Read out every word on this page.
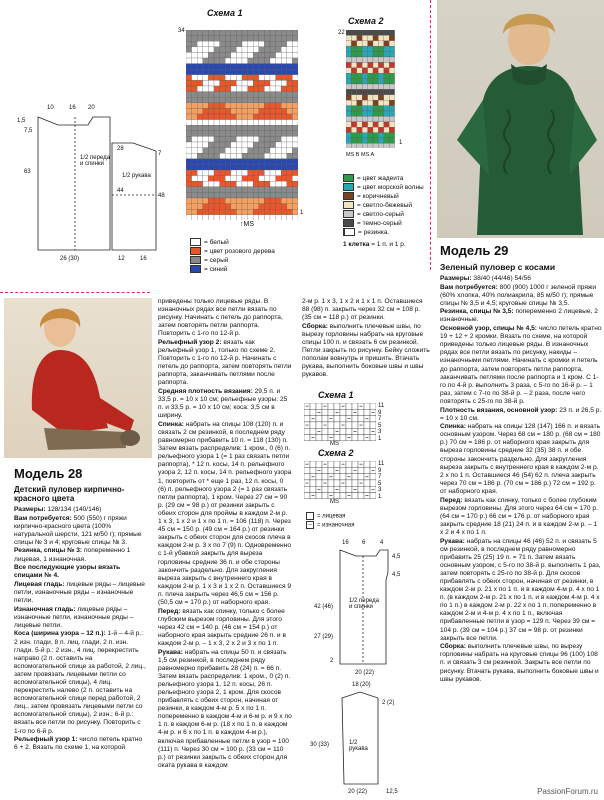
10	16 20
1,5
7,5
63
28
44
7
48
26 (30)	12	16
1/2 переда и спинки
1/2 рукава
Схема 1
34
1
↑MS
Схема 2
22
1
MS B MS A
= белый
= цвет розового дерева
= серый
= синий
= цвет жадеита
= цвет морской волны
= коричневый
= светло-бежевый
= светло-серый
= темно-серый
= резинка.
1 клетка = 1 п. и 1 р.	Модель 29
Зеленый пуловер с косами

Размеры: 38/40 (44/46) 54/56

Вам потребуется: 800 (900) 1000 г зеленой пряжи (60% хлопка, 40% полиакрила, 85 м/50 г); прямые спицы № 3,5 и 4,5; круговые спицы № 3,5.

Резинка, спицы № 3,5: попеременно 2 лицевые, 2 изнаночные.

Основной узор, спицы № 4,5: число петель кратно 19 + 12 + 2 кромки. Вязать по схеме, на которой приведены только лицевые ряды. В изнаночных рядах все петли вязать по рисунку, накиды – изнаночными петлями. Начинать с кромки и петель до раппорта, затем повторять петли раппорта, заканчивать петлями после раппорта и 1 кром. С 1-го по 4-й р. выполнить 3 раза, с 5-го по 16-й р. – 1 раз, затем с 7-го по 38-й р. – 2 раза, после чего повторять с 25-го по 38-й р.

Плотность вязания, основной узор: 23 п. и 26,5 р. = 10 х 10 см.

Спинка: набрать на спицы 128 (147) 166 п. и вязать основным узором. Через 68 см = 180 р. (68 см = 180 р.) 70 см = 186 р. от наборного края закрыть для выреза горловины средние 32 (35) 38 п. и обе стороны закончить раздельно. Для закругления выреза закрыть с внутреннего края в каждом 2-м р. 2 х по 1 п. Оставшиеся 46 (54) 62 п. плеча закрыть через 70 см = 186 р. (70 см = 186 р.) 72 см = 192 р. от наборного края.

Перед: вязать как спинку, только с более глубоким вырезом горловины. Для этого через 64 см = 170 р. (64 см = 170 р.) 66 см = 176 р. от наборного края закрыть средние 18 (21) 24 п. и в каждом 2-м р. – 1 х 2 и 4 х по 1 п.

Рукава: набрать на спицы 46 (46) 52 п. и связать 5 см резинкой, в последнем ряду равномерно прибавить 25 (25) 19 п. = 71 п. Затем вязать основным узором, с 5-го по 38-й р. выполнить 1 раз, затем повторять с 25-го по 38-й р. Для скосов прибавлять с обеих сторон, начиная от резинки, в каждом 2-м р. 21 х по 1 п. и в каждом 4-м р. 4 х по 1 п. (в каждом 2-м р. 21 х по 1 п. и в каждом 4-м р. 4 х по 1 п.) в каждом 2-м р. 22 х по 1 п. попеременно в каждом 2-м и 4-м р. 4 х по 1 п., включая прибавленные петли в узор = 129 п. Через 39 см = 104 р. (39 см = 104 р.) 37 см = 98 р. от резинки закрыть все петли.

Сборка: выполнить плечевые швы, по вырезу горловины набрать на круговые спицы 96 (100) 108 п. и связать 3 см резинкой. Закрыть все петли по рисунку. Втачать рукава, выполнить боковые швы и швы рукавов.

Модель 28
Детский пуловер кирпично-красного цвета

Размеры: 128/134 (140/146)

Вам потребуется: 500 (550) г пряжи кирпично-красного цвета (100% натуральной шерсти, 121 м/50 г); прямые спицы № 3 и 4; круговые спицы № 3.

Резинка, спицы № 3: попеременно 1 лицевая, 1 изнаночная.

Все последующие узоры вязать спицами № 4.

Лицевая гладь: лицевые ряды – лицевые петли, изнаночные ряды – изнаночные петли.

Изнаночная гладь: лицевые ряды – изнаночные петли, изнаночные ряды – лицевые петли.

Коса (ширина узора – 12 п.): 1-й – 4-й р.: 2 изн. глади, 8 п. лиц. глади, 2 п. изн. глади. 5-й р.: 2 изн., 4 лиц. перекрестить направо (2 п. оставить на вспомогательной спице за работой, 2 лиц., затем провязать лицевыми петли со вспомогательной спицы), 4 лиц. перекрестить налево (2 п. оставить на вспомогательной спице перед работой, 2 лиц., затем провязать лицевыми петли со вспомогательной спицы), 2 изн.; 6-й р.: вязать все петли по рисунку. Повторить с 1-го по 6-й р.

Рельефный узор 1: число петель кратно 6 + 2. Вязать по схеме 1, на которой

приведены только лицевые ряды. В изнаночных рядах все петли вязать по рисунку. Начинать с петель до раппорта, затем повторять петли раппорта. Повторить с 1-го по 12-й р.

Рельефный узор 2: вязать как рельефный узор 1, только по схеме 2. Повторить с 1-го по 12-й р. Начинать с петель до раппорта, затем повторять петли раппорта, заканчивать петлями после раппорта.

Средняя плотность вязания: 29,5 п. и 33,5 р. = 10 х 10 см; рельефные узоры: 25 п. и 33,5 р. = 10 х 10 см; коса: 3,5 см в ширину.

Спинка: набрать на спицы 108 (120) п. и связать 2 см резинкой, в последнем ряду равномерно прибавить 10 п. = 118 (130) п. Затем вязать распределив: 1 кром., 0 (6) п. рельефного узора 1 (= 1 раз связать петли раппорта), * 12 п. косы, 14 п. рельефного узора 2, 12 п. косы, 14 п. рельефного узора 1, повторить от * еще 1 раз, 12 п. косы, 0 (6) п. рельефного узора 2 (= 1 раз связать петли раппорта), 1 кром. Через 27 см = 90 р. (29 см = 98 р.) от резинки закрыть с обеих сторон для проймы в каждом 2-м р. 1 х 3, 1 х 2 и 1 х по 1 п. = 106 (118) п. Через 45 см = 150 р. (49 см = 164 р.) от резинки закрыть с обеих сторон для скосов плеча в каждом 2-м р. 3 х по 7 (9) п. Одновременно с 1-й убавкой закрыть для выреза горловины средние 36 п. и обе стороны закончить раздельно. Для закругления выреза закрыть с внутреннего края в каждом 2-м р. 1 х 3 и 1 х 2 п. Оставшиеся 9 п. плеча закрыть через 46,5 см = 156 р. (50,5 см = 170 р.) от наборного края.

Перед: вязать как спинку, только с более глубоким вырезом горловины. Для этого через 42 см = 140 р. (46 см = 154 р.) от наборного края закрыть средние 26 п. и в каждом 2-м р. – 1 х 3, 2 х 2 и 3 х по 1 п.

Рукава: набрать на спицы 50 п. и связать 1,5 см резинкой, в последнем ряду равномерно прибавить 28 (24) п. = 66 п. Затем вязать распределив: 1 кром., 0 (2) п. рельефного узора 1, 12 п. косы, 26 п. рельефного узора 2, 1 кром. Для скосов прибавлять с обеих сторон, начиная от резинки, в каждом 4-м р. 5 х по 1 п. попеременно в каждом 4-м и 6-м р. и 9 х по 1 п. в каждом 6-м р. (18 х по 1 п. в каждом 4-м р. и 6 х по 1 п. в каждом 4-м р.), включая прибавленные петли в узор = 100 (111) п. Через 30 см = 100 р. (33 см = 110 р.) от резинки закрыть с обеих сторон для оката рукава в каждом

2-м р. 1 х 3, 1 х 2 и 1 х 1 п. Оставшиеся 88 (98) п. закрыть через 32 см = 108 р. (35 см = 118 р.) от резинки.

Сборка: выполнить плечевые швы, по вырезу горловины набрать на круговые спицы 100 п. и связать 6 см резинкой. Петли закрыть по рисунку. Бейку сложить пополам вовнутрь и пришить. Втачать рукава, выполнить боковые швы и швы рукавов.

Схема 1
11
9
7
5
3
1
MS
Схема 2
11
9
7
5
3
1
MS
= лицевая
– = изнаночная
16 6 4
42 (46)
27 (29)
2
4,5
4,5
20 (22)
18 (20)
30 (33)
2 (2)
20 (22)	12,5
1/2 переда и спинки
1/2 рукава
PassionForum.ru
